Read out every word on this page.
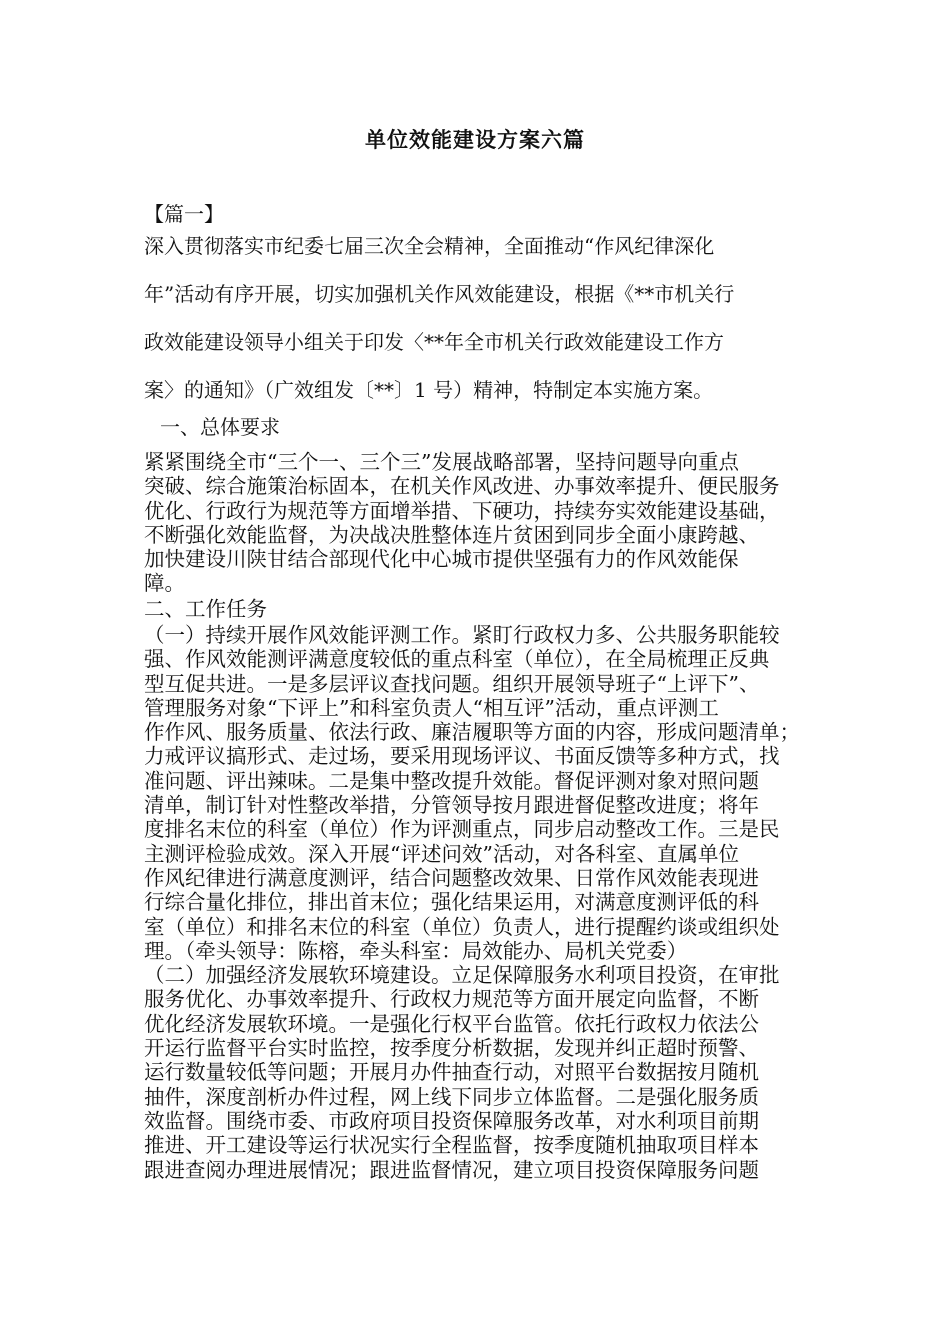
单位效能建设方案六篇
【篇一】
深入贯彻落实市纪委七届三次全会精神，全面推动“作风纪律深化
年”活动有序开展，切实加强机关作风效能建设，根据《**市机关行
政效能建设领导小组关于印发〈**年全市机关行政效能建设工作方
案〉的通知》（广效组发〔**〕1 号）精神，特制定本实施方案。
一、总体要求
紧紧围绕全市“三个一、三个三”发展战略部署，坚持问题导向重点
突破、综合施策治标固本，在机关作风改进、办事效率提升、便民服务
优化、行政行为规范等方面增举措、下硬功，持续夯实效能建设基础，
不断强化效能监督，为决战决胜整体连片贫困到同步全面小康跨越、
加快建设川陕甘结合部现代化中心城市提供坚强有力的作风效能保
障。
二、工作任务
（一）持续开展作风效能评测工作。紧盯行政权力多、公共服务职能较
强、作风效能测评满意度较低的重点科室（单位），在全局梳理正反典
型互促共进。一是多层评议查找问题。组织开展领导班子“上评下”、
管理服务对象“下评上”和科室负责人“相互评”活动，重点评测工
作作风、服务质量、依法行政、廉洁履职等方面的内容，形成问题清单；
力戒评议搞形式、走过场，要采用现场评议、书面反馈等多种方式，找
准问题、评出辣味。二是集中整改提升效能。督促评测对象对照问题
清单，制订针对性整改举措，分管领导按月跟进督促整改进度；将年
度排名末位的科室（单位）作为评测重点，同步启动整改工作。三是民
主测评检验成效。深入开展“评述问效”活动，对各科室、直属单位
作风纪律进行满意度测评，结合问题整改效果、日常作风效能表现进
行综合量化排位，排出首末位；强化结果运用，对满意度测评低的科
室（单位）和排名末位的科室（单位）负责人，进行提醒约谈或组织处
理。（牵头领导：陈榕，牵头科室：局效能办、局机关党委）
（二）加强经济发展软环境建设。立足保障服务水利项目投资，在审批
服务优化、办事效率提升、行政权力规范等方面开展定向监督，不断
优化经济发展软环境。一是强化行权平台监管。依托行政权力依法公
开运行监督平台实时监控，按季度分析数据，发现并纠正超时预警、
运行数量较低等问题；开展月办件抽查行动，对照平台数据按月随机
抽件，深度剖析办件过程，网上线下同步立体监督。二是强化服务质
效监督。围绕市委、市政府项目投资保障服务改革，对水利项目前期
推进、开工建设等运行状况实行全程监督，按季度随机抽取项目样本
跟进查阅办理进展情况；跟进监督情况，建立项目投资保障服务问题
